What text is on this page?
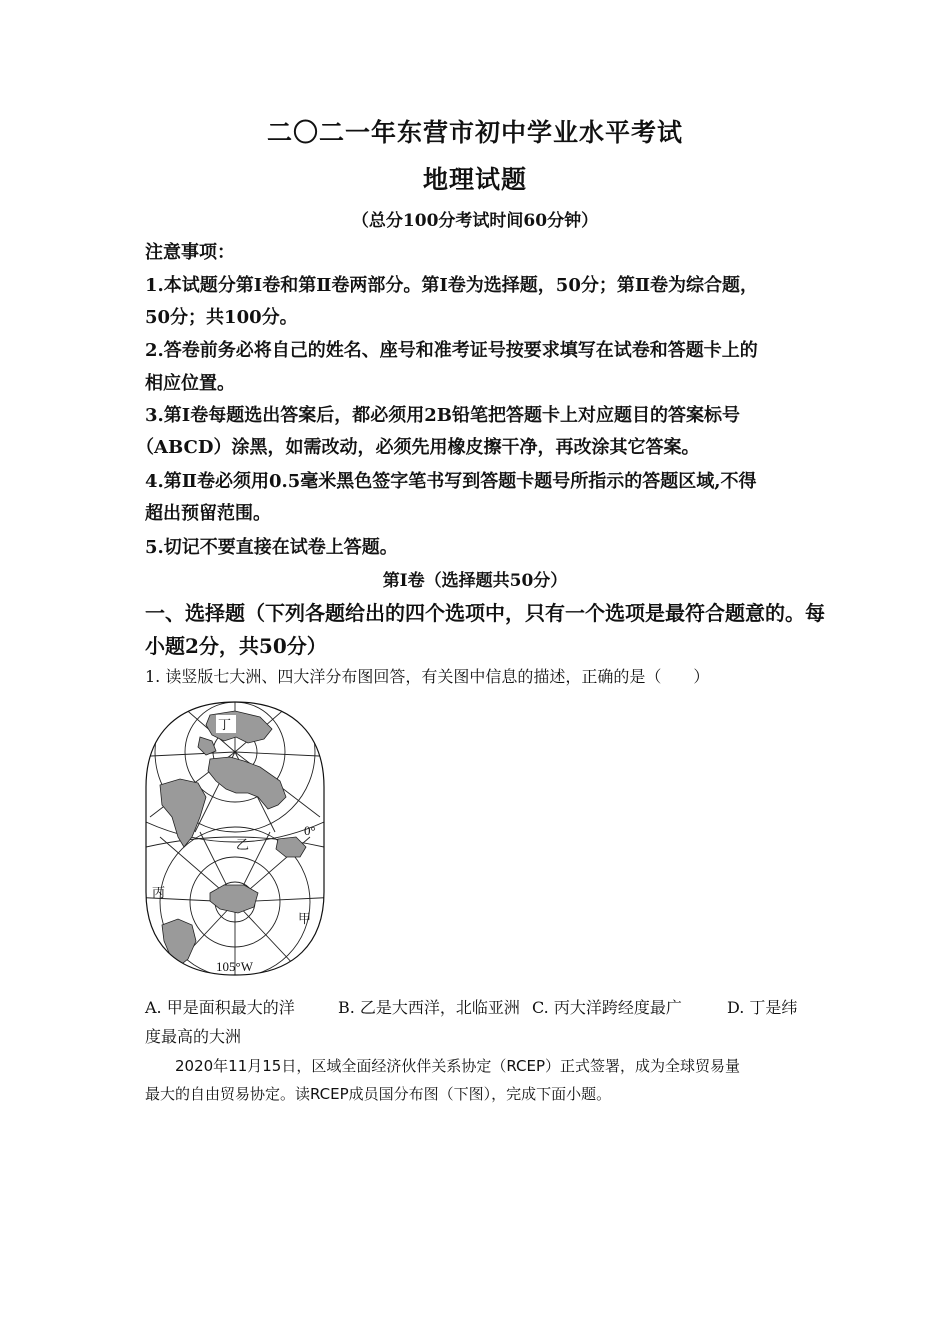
二〇二一年东营市初中学业水平考试
地理试题
（总分100分考试时间60分钟）
注意事项：
1.本试题分第Ⅰ卷和第Ⅱ卷两部分。第Ⅰ卷为选择题，50分；第Ⅱ卷为综合题，
50分；共100分。
2.答卷前务必将自己的姓名、座号和准考证号按要求填写在试卷和答题卡上的
相应位置。
3.第Ⅰ卷每题选出答案后，都必须用2B铅笔把答题卡上对应题目的答案标号
（ABCD）涂黑，如需改动，必须先用橡皮擦干净，再改涂其它答案。
4.第Ⅱ卷必须用0.5毫米黑色签字笔书写到答题卡题号所指示的答题区域,不得
超出预留范围。
5.切记不要直接在试卷上答题。
第Ⅰ卷（选择题共50分）
一、选择题（下列各题给出的四个选项中，只有一个选项是最符合题意的。每
小题2分，共50分）
1. 读竖版七大洲、四大洋分布图回答，有关图中信息的描述，正确的是（　　）
丁
乙
丙
甲
0°
105°W
A. 甲是面积最大的洋	B. 乙是大西洋，北临亚洲 C. 丙大洋跨经度最广	D. 丁是纬
度最高的大洲
2020年11月15日，区域全面经济伙伴关系协定（RCEP）正式签署，成为全球贸易量
最大的自由贸易协定。读RCEP成员国分布图（下图），完成下面小题。
